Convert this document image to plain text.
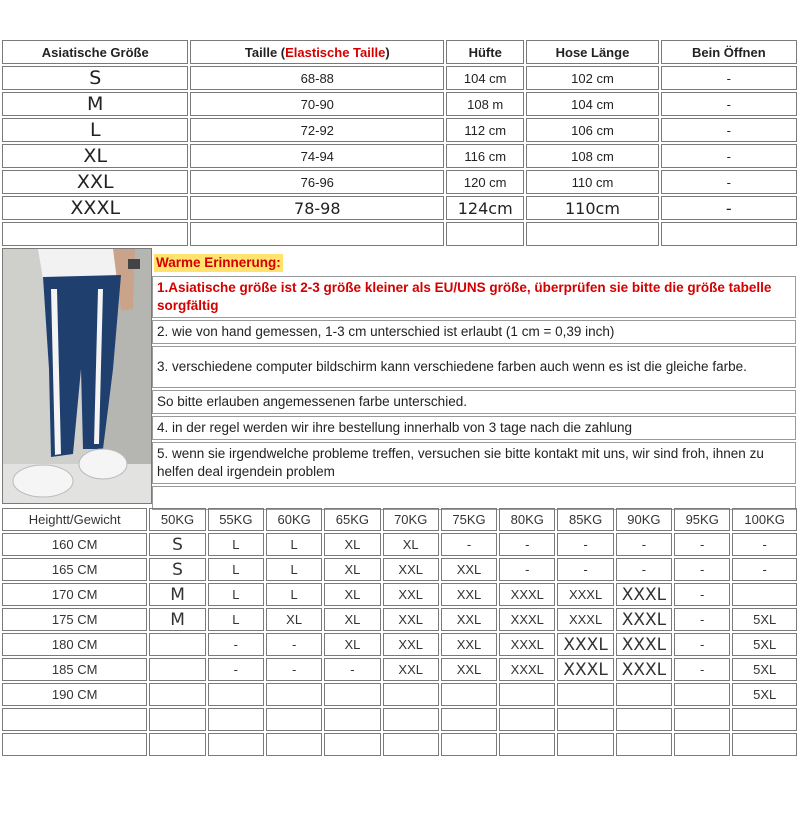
Asiatische Größe	Taille (Elastische Taille)	Hüfte	Hose Länge	Bein Öffnen
S	68-88	104 cm	102 cm	-
M	70-90	108 m	104 cm	-
L	72-92	112 cm	106 cm	-
XL	74-94	116 cm	108 cm	-
XXL	76-96	120 cm	110 cm	-
XXXL	78-98	124cm	110cm	-

Warme Erinnerung:
1.Asiatische größe ist 2-3 größe kleiner als EU/UNS größe, überprüfen sie bitte die größe tabelle sorgfältig
2. wie von hand gemessen, 1-3 cm unterschied ist erlaubt (1 cm = 0,39 inch)
3. verschiedene computer bildschirm kann verschiedene farben auch wenn es ist die gleiche farbe.
So bitte erlauben angemessenen farbe unterschied.
4. in der regel werden wir ihre bestellung innerhalb von 3 tage nach die zahlung
5. wenn sie irgendwelche probleme treffen, versuchen sie bitte kontakt mit uns, wir sind froh, ihnen zu helfen deal irgendein problem

Heightt/Gewicht	50KG	55KG	60KG	65KG	70KG	75KG	80KG	85KG	90KG	95KG	100KG
160 CM	S	L	L	XL	XL	-	-	-	-	-	-
165 CM	S	L	L	XL	XXL	XXL	-	-	-	-	-
170 CM	M	L	L	XL	XXL	XXL	XXXL	XXXL	XXXL	-	
175 CM	M	L	XL	XL	XXL	XXL	XXXL	XXXL	XXXL	-	5XL
180 CM		-	-	XL	XXL	XXL	XXXL	XXXL	XXXL	-	5XL
185 CM		-	-	-	XXL	XXL	XXXL	XXXL	XXXL	-	5XL
190 CM											5XL
